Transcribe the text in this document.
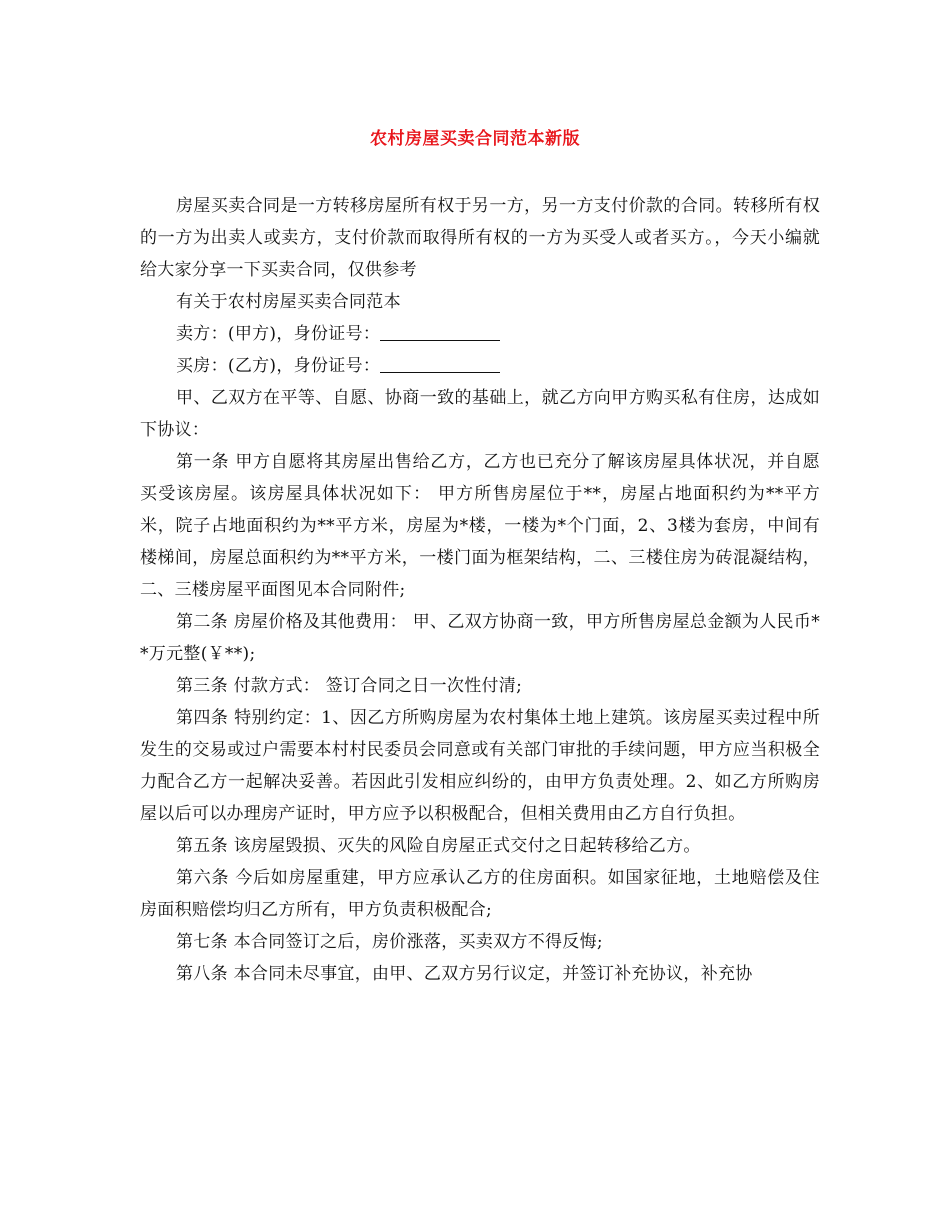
农村房屋买卖合同范本新版

房屋买卖合同是一方转移房屋所有权于另一方，另一方支付价款的合同。转移所有权的一方为出卖人或卖方，支付价款而取得所有权的一方为买受人或者买方。，今天小编就给大家分享一下买卖合同，仅供参考

有关于农村房屋买卖合同范本

卖方：(甲方)，身份证号：

买房：(乙方)，身份证号：

甲、乙双方在平等、自愿、协商一致的基础上，就乙方向甲方购买私有住房，达成如下协议：

第一条 甲方自愿将其房屋出售给乙方，乙方也已充分了解该房屋具体状况，并自愿买受该房屋。该房屋具体状况如下： 甲方所售房屋位于**，房屋占地面积约为**平方米，院子占地面积约为**平方米，房屋为*楼，一楼为*个门面，2、3楼为套房，中间有楼梯间，房屋总面积约为**平方米，一楼门面为框架结构，二、三楼住房为砖混凝结构，二、三楼房屋平面图见本合同附件;

第二条 房屋价格及其他费用： 甲、乙双方协商一致，甲方所售房屋总金额为人民币**万元整(￥**);

第三条 付款方式： 签订合同之日一次性付清;

第四条 特别约定：1、因乙方所购房屋为农村集体土地上建筑。该房屋买卖过程中所发生的交易或过户需要本村村民委员会同意或有关部门审批的手续问题，甲方应当积极全力配合乙方一起解决妥善。若因此引发相应纠纷的，由甲方负责处理。2、如乙方所购房屋以后可以办理房产证时，甲方应予以积极配合，但相关费用由乙方自行负担。

第五条 该房屋毁损、灭失的风险自房屋正式交付之日起转移给乙方。

第六条 今后如房屋重建，甲方应承认乙方的住房面积。如国家征地，土地赔偿及住房面积赔偿均归乙方所有，甲方负责积极配合;

第七条 本合同签订之后，房价涨落，买卖双方不得反悔;

第八条 本合同未尽事宜，由甲、乙双方另行议定，并签订补充协议，补充协
